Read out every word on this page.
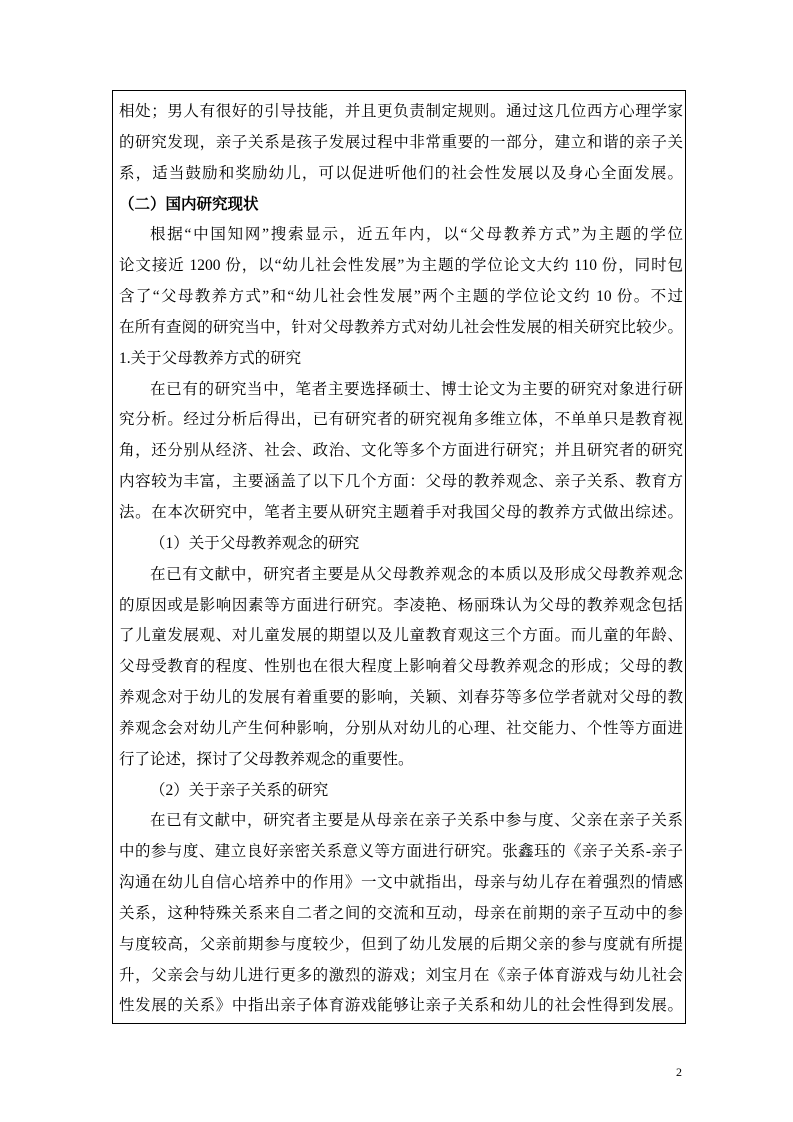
相处；男人有很好的引导技能，并且更负责制定规则。通过这几位西方心理学家
的研究发现，亲子关系是孩子发展过程中非常重要的一部分，建立和谐的亲子关
系，适当鼓励和奖励幼儿，可以促进听他们的社会性发展以及身心全面发展。
（二）国内研究现状
根据“中国知网”搜索显示，近五年内，以“父母教养方式”为主题的学位
论文接近 1200 份，以“幼儿社会性发展”为主题的学位论文大约 110 份，同时包
含了“父母教养方式”和“幼儿社会性发展”两个主题的学位论文约 10 份。不过
在所有查阅的研究当中，针对父母教养方式对幼儿社会性发展的相关研究比较少。
1.关于父母教养方式的研究
在已有的研究当中，笔者主要选择硕士、博士论文为主要的研究对象进行研
究分析。经过分析后得出，已有研究者的研究视角多维立体，不单单只是教育视
角，还分别从经济、社会、政治、文化等多个方面进行研究；并且研究者的研究
内容较为丰富，主要涵盖了以下几个方面：父母的教养观念、亲子关系、教育方
法。在本次研究中，笔者主要从研究主题着手对我国父母的教养方式做出综述。
（1）关于父母教养观念的研究
在已有文献中，研究者主要是从父母教养观念的本质以及形成父母教养观念
的原因或是影响因素等方面进行研究。李凌艳、杨丽珠认为父母的教养观念包括
了儿童发展观、对儿童发展的期望以及儿童教育观这三个方面。而儿童的年龄、
父母受教育的程度、性别也在很大程度上影响着父母教养观念的形成；父母的教
养观念对于幼儿的发展有着重要的影响，关颖、刘春芬等多位学者就对父母的教
养观念会对幼儿产生何种影响，分别从对幼儿的心理、社交能力、个性等方面进
行了论述，探讨了父母教养观念的重要性。
（2）关于亲子关系的研究
在已有文献中，研究者主要是从母亲在亲子关系中参与度、父亲在亲子关系
中的参与度、建立良好亲密关系意义等方面进行研究。张鑫珏的《亲子关系-亲子
沟通在幼儿自信心培养中的作用》一文中就指出，母亲与幼儿存在着强烈的情感
关系，这种特殊关系来自二者之间的交流和互动，母亲在前期的亲子互动中的参
与度较高，父亲前期参与度较少，但到了幼儿发展的后期父亲的参与度就有所提
升，父亲会与幼儿进行更多的激烈的游戏；刘宝月在《亲子体育游戏与幼儿社会
性发展的关系》中指出亲子体育游戏能够让亲子关系和幼儿的社会性得到发展。
2
